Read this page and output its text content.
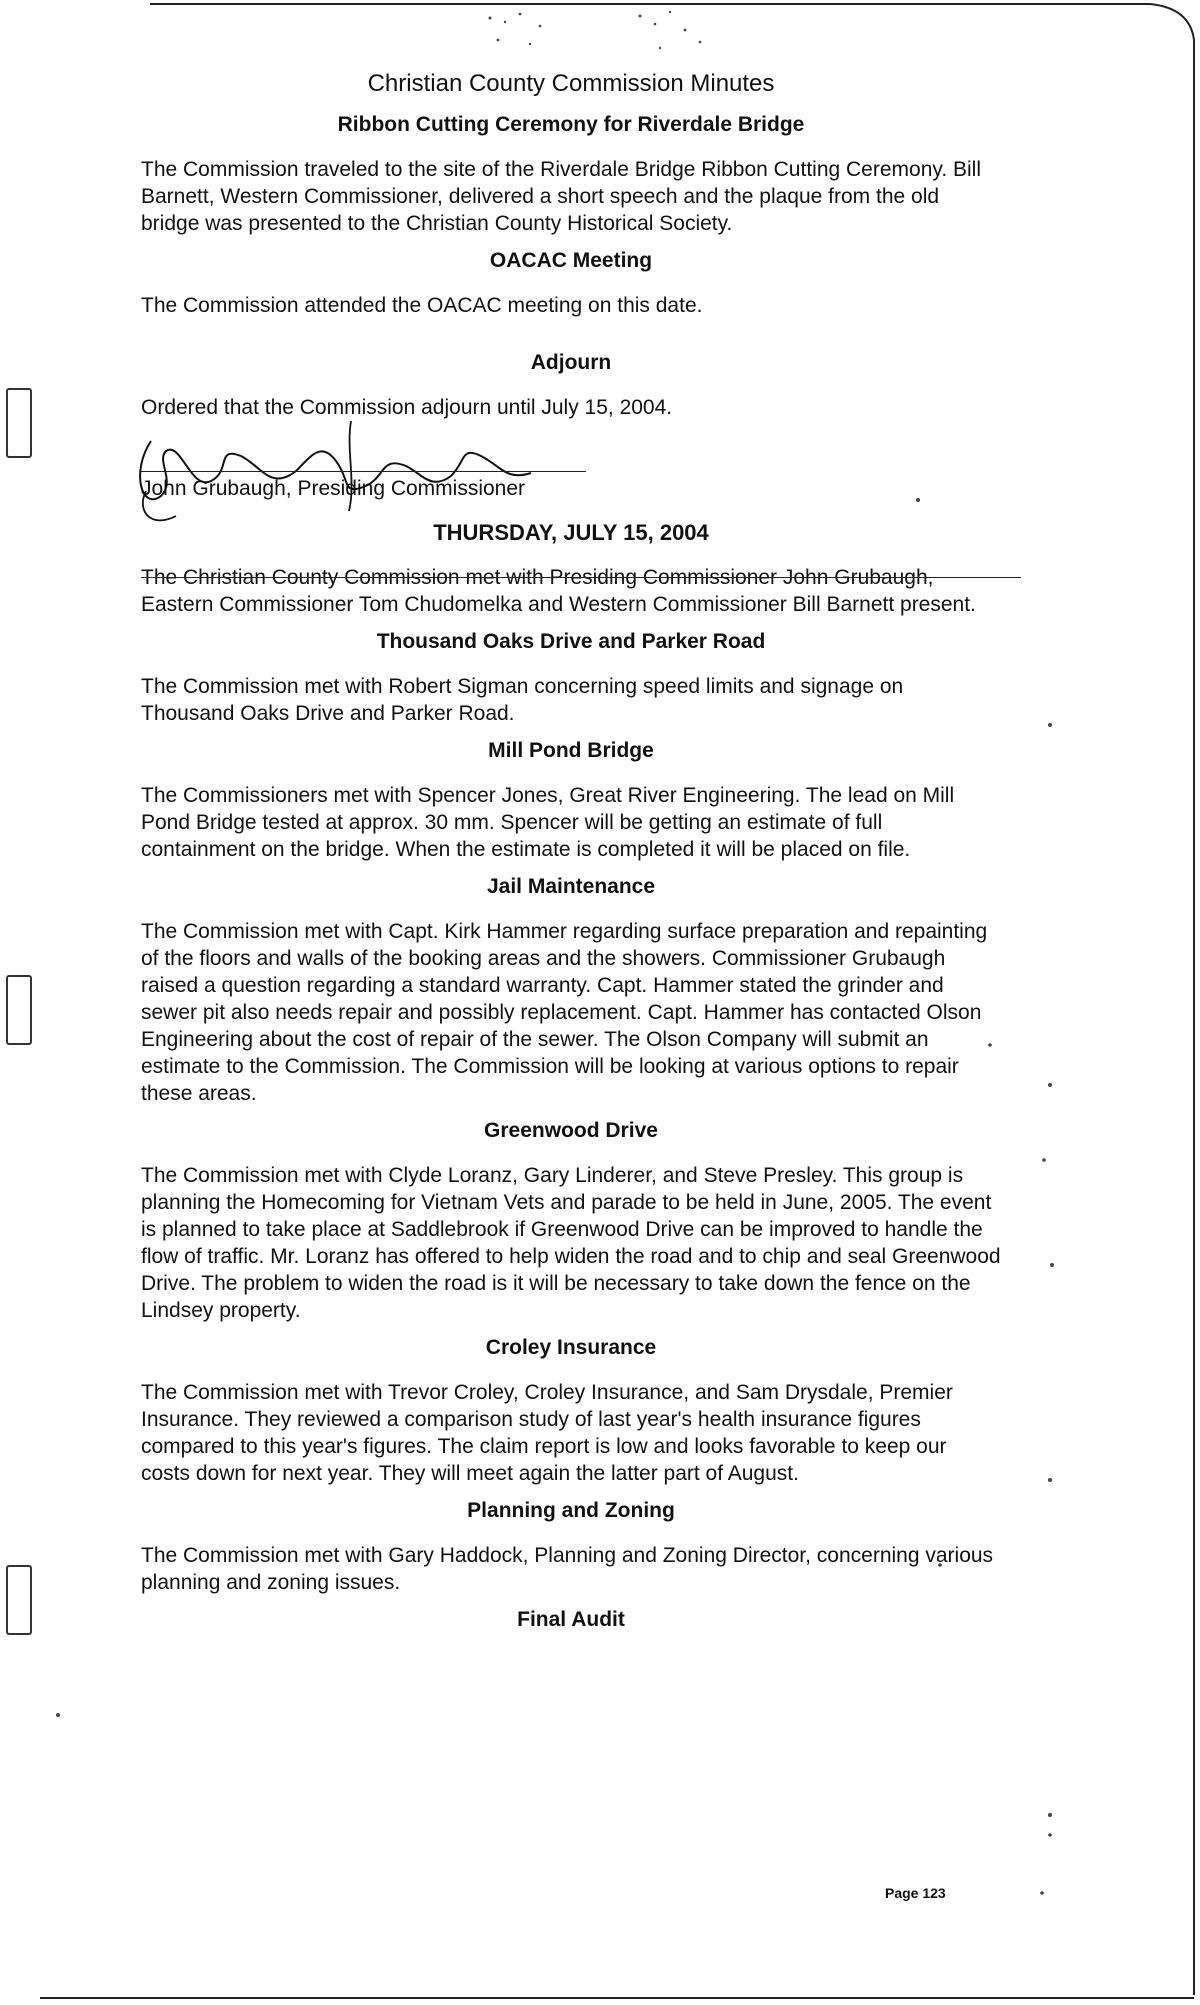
Christian County Commission Minutes
Ribbon Cutting Ceremony for Riverdale Bridge

The Commission traveled to the site of the Riverdale Bridge Ribbon Cutting Ceremony. Bill Barnett, Western Commissioner, delivered a short speech and the plaque from the old bridge was presented to the Christian County Historical Society.

OACAC Meeting

The Commission attended the OACAC meeting on this date.

Adjourn

Ordered that the Commission adjourn until July 15, 2004.

John Grubaugh, Presiding Commissioner
THURSDAY, JULY 15, 2004

The Christian County Commission met with Presiding Commissioner John Grubaugh, Eastern Commissioner Tom Chudomelka and Western Commissioner Bill Barnett present.

Thousand Oaks Drive and Parker Road

The Commission met with Robert Sigman concerning speed limits and signage on Thousand Oaks Drive and Parker Road.

Mill Pond Bridge

The Commissioners met with Spencer Jones, Great River Engineering. The lead on Mill Pond Bridge tested at approx. 30 mm. Spencer will be getting an estimate of full containment on the bridge. When the estimate is completed it will be placed on file.

Jail Maintenance

The Commission met with Capt. Kirk Hammer regarding surface preparation and repainting of the floors and walls of the booking areas and the showers. Commissioner Grubaugh raised a question regarding a standard warranty. Capt. Hammer stated the grinder and sewer pit also needs repair and possibly replacement. Capt. Hammer has contacted Olson Engineering about the cost of repair of the sewer. The Olson Company will submit an estimate to the Commission. The Commission will be looking at various options to repair these areas.

Greenwood Drive

The Commission met with Clyde Loranz, Gary Linderer, and Steve Presley. This group is planning the Homecoming for Vietnam Vets and parade to be held in June, 2005. The event is planned to take place at Saddlebrook if Greenwood Drive can be improved to handle the flow of traffic. Mr. Loranz has offered to help widen the road and to chip and seal Greenwood Drive. The problem to widen the road is it will be necessary to take down the fence on the Lindsey property.

Croley Insurance

The Commission met with Trevor Croley, Croley Insurance, and Sam Drysdale, Premier Insurance. They reviewed a comparison study of last year's health insurance figures compared to this year's figures. The claim report is low and looks favorable to keep our costs down for next year. They will meet again the latter part of August.

Planning and Zoning

The Commission met with Gary Haddock, Planning and Zoning Director, concerning various planning and zoning issues.

Final Audit
Page 123
